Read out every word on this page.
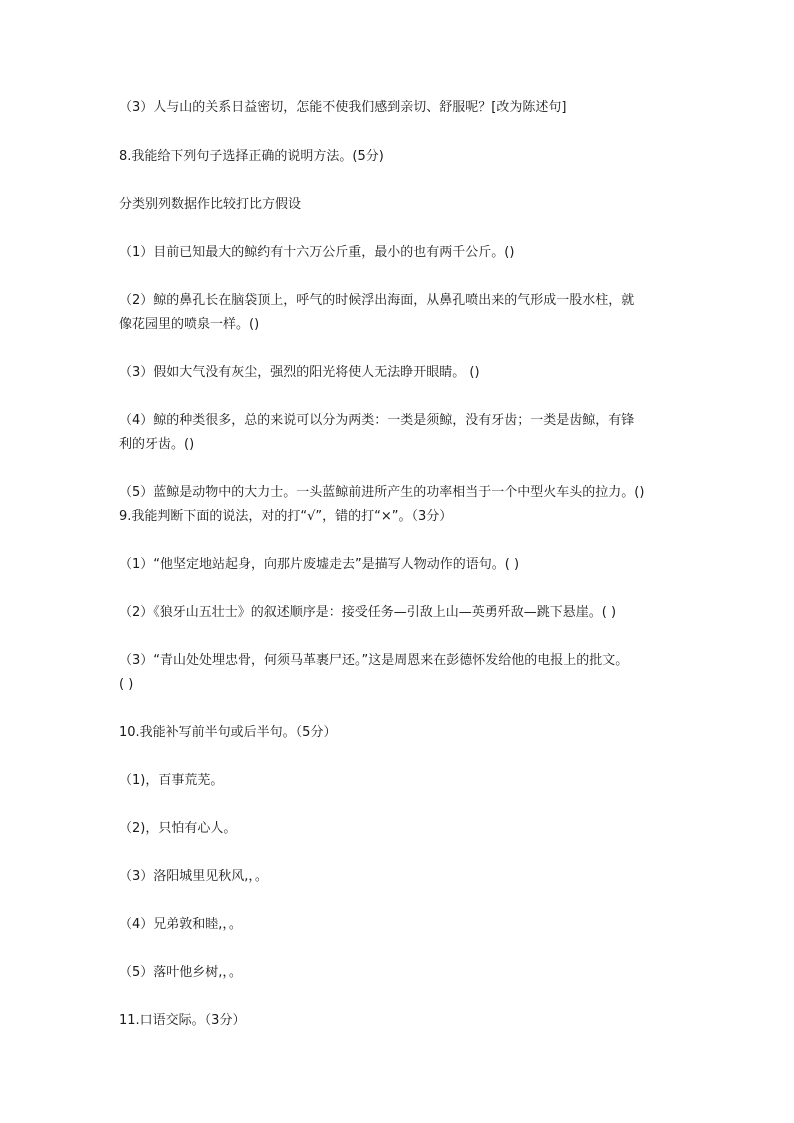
（3）人与山的关系日益密切，怎能不使我们感到亲切、舒服呢？[改为陈述句]
8.我能给下列句子选择正确的说明方法。(5分)
分类别列数据作比较打比方假设
（1）目前已知最大的鲸约有十六万公斤重，最小的也有两千公斤。()
（2）鲸的鼻孔长在脑袋顶上，呼气的时候浮出海面，从鼻孔喷出来的气形成一股水柱，就
像花园里的喷泉一样。()
（3）假如大气没有灰尘，强烈的阳光将使人无法睁开眼睛。 ()
（4）鲸的种类很多，总的来说可以分为两类：一类是须鲸，没有牙齿；一类是齿鲸，有锋
利的牙齿。()
（5）蓝鲸是动物中的大力士。一头蓝鲸前进所产生的功率相当于一个中型火车头的拉力。()
9.我能判断下面的说法，对的打“√”，错的打“×”。（3分）
（1）“他坚定地站起身，向那片废墟走去”是描写人物动作的语句。( )
（2）《狼牙山五壮士》的叙述顺序是：接受任务—引敌上山—英勇歼敌—跳下悬崖。( )
（3）“青山处处埋忠骨，何须马革裹尸还。”这是周恩来在彭德怀发给他的电报上的批文。
( )
10.我能补写前半句或后半句。（5分）
（1)，百事荒芜。
（2)，只怕有心人。
（3）洛阳城里见秋风,，。
（4）兄弟敦和睦,，。
（5）落叶他乡树,，。
11.口语交际。（3分）
